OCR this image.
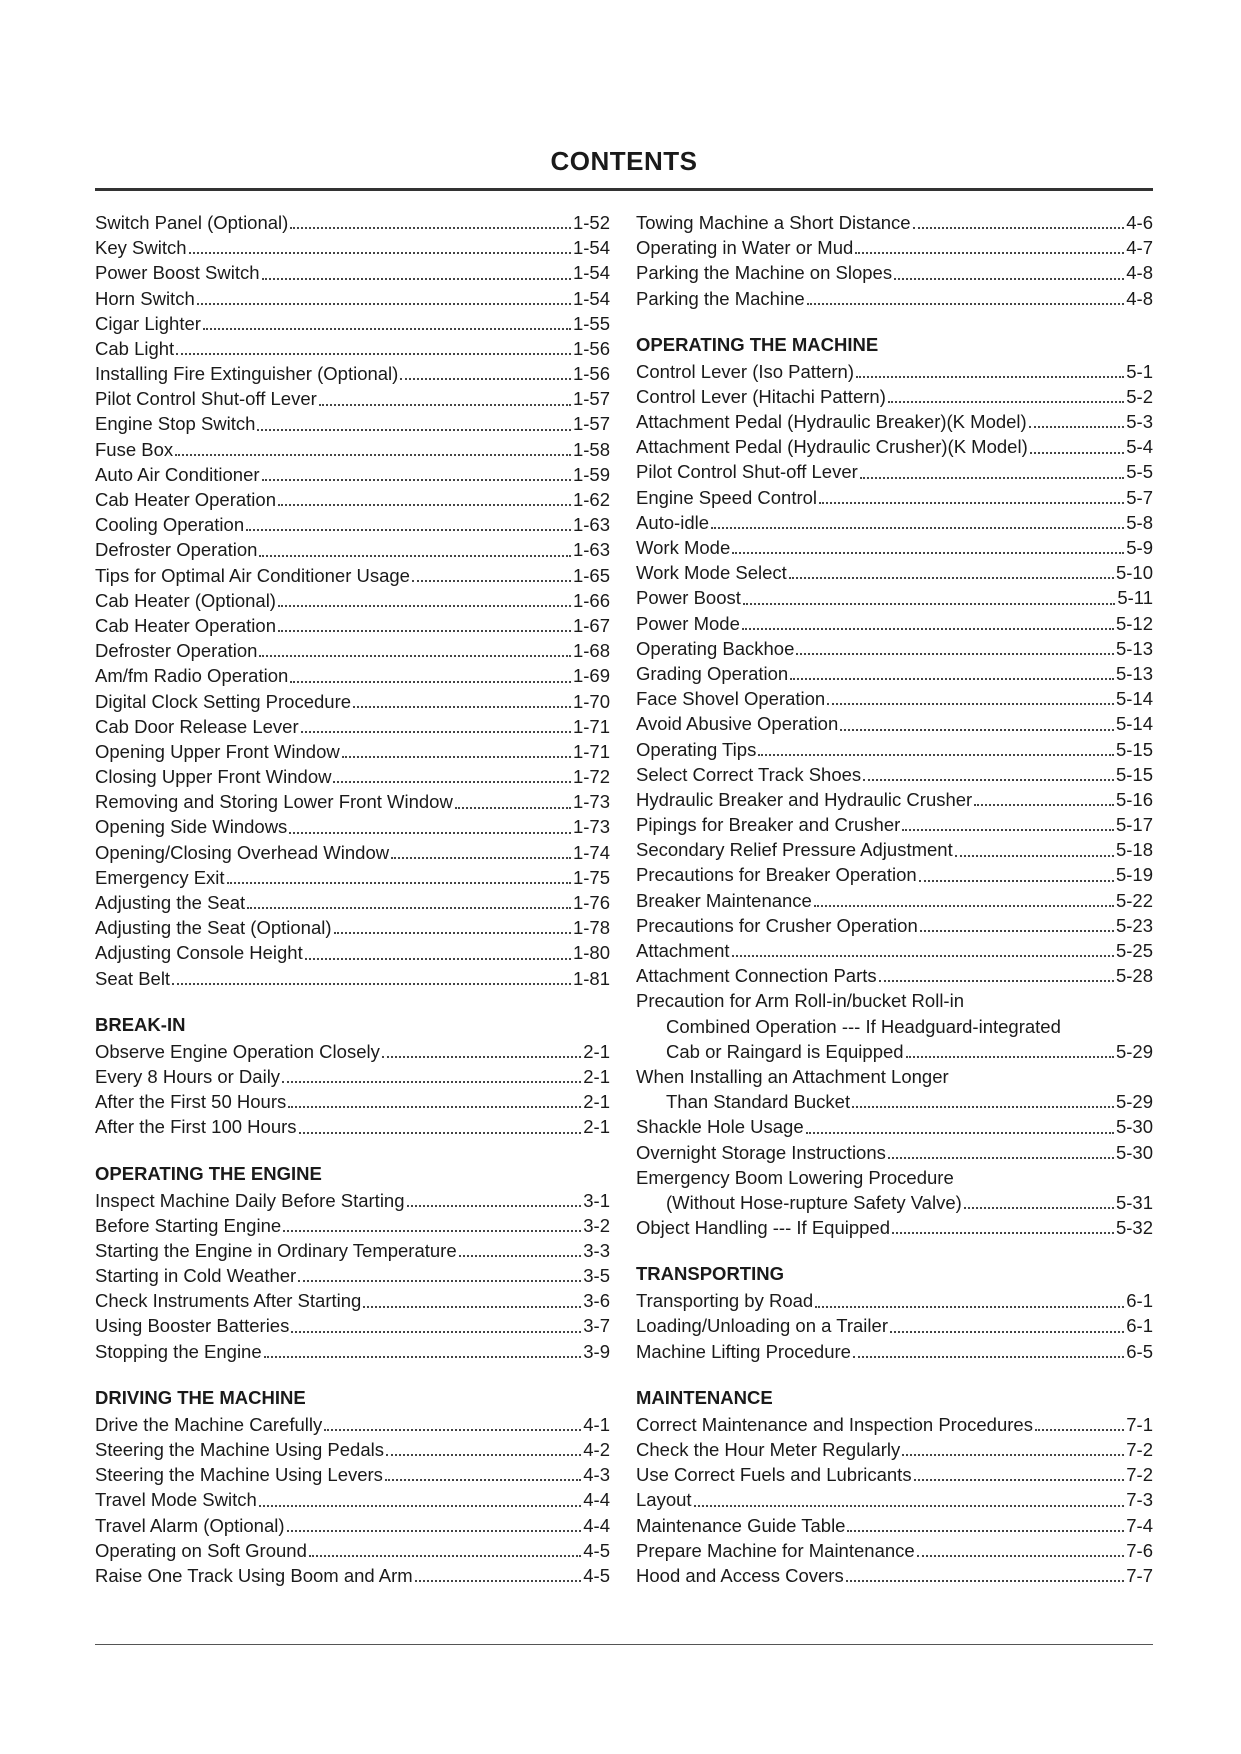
CONTENTS
Switch Panel (Optional)	1-52
Key Switch	1-54
Power Boost Switch	1-54
Horn Switch	1-54
Cigar Lighter	1-55
Cab Light	1-56
Installing Fire Extinguisher (Optional)	1-56
Pilot Control Shut-off Lever	1-57
Engine Stop Switch	1-57
Fuse Box	1-58
Auto Air Conditioner	1-59
Cab Heater Operation	1-62
Cooling Operation	1-63
Defroster Operation	1-63
Tips for Optimal Air Conditioner Usage	1-65
Cab Heater (Optional)	1-66
Cab Heater Operation	1-67
Defroster Operation	1-68
Am/fm Radio Operation	1-69
Digital Clock Setting Procedure	1-70
Cab Door Release Lever	1-71
Opening Upper Front Window	1-71
Closing Upper Front Window	1-72
Removing and Storing Lower Front Window	1-73
Opening Side Windows	1-73
Opening/Closing Overhead Window	1-74
Emergency Exit	1-75
Adjusting the Seat	1-76
Adjusting the Seat (Optional)	1-78
Adjusting Console Height	1-80
Seat Belt	1-81
BREAK-IN
Observe Engine Operation Closely	2-1
Every 8 Hours or Daily	2-1
After the First 50 Hours	2-1
After the First 100 Hours	2-1
OPERATING THE ENGINE
Inspect Machine Daily Before Starting	3-1
Before Starting Engine	3-2
Starting the Engine in Ordinary Temperature	3-3
Starting in Cold Weather	3-5
Check Instruments After Starting	3-6
Using Booster Batteries	3-7
Stopping the Engine	3-9
DRIVING THE MACHINE
Drive the Machine Carefully	4-1
Steering the Machine Using Pedals	4-2
Steering the Machine Using Levers	4-3
Travel Mode Switch	4-4
Travel Alarm (Optional)	4-4
Operating on Soft Ground	4-5
Raise One Track Using Boom and Arm	4-5
Towing Machine a Short Distance	4-6
Operating in Water or Mud	4-7
Parking the Machine on Slopes	4-8
Parking the Machine	4-8
OPERATING THE MACHINE
Control Lever (Iso Pattern)	5-1
Control Lever (Hitachi Pattern)	5-2
Attachment Pedal (Hydraulic Breaker)(K Model)	5-3
Attachment Pedal (Hydraulic Crusher)(K Model)	5-4
Pilot Control Shut-off Lever	5-5
Engine Speed Control	5-7
Auto-idle	5-8
Work Mode	5-9
Work Mode Select	5-10
Power Boost	5-11
Power Mode	5-12
Operating Backhoe	5-13
Grading Operation	5-13
Face Shovel Operation	5-14
Avoid Abusive Operation	5-14
Operating Tips	5-15
Select Correct Track Shoes	5-15
Hydraulic Breaker and Hydraulic Crusher	5-16
Pipings for Breaker and Crusher	5-17
Secondary Relief Pressure Adjustment	5-18
Precautions for Breaker Operation	5-19
Breaker Maintenance	5-22
Precautions for Crusher Operation	5-23
Attachment	5-25
Attachment Connection Parts	5-28
Precaution for Arm Roll-in/bucket Roll-in
Combined Operation --- If Headguard-integrated
Cab or Raingard is Equipped	5-29
When Installing an Attachment Longer
Than Standard Bucket	5-29
Shackle Hole Usage	5-30
Overnight Storage Instructions	5-30
Emergency Boom Lowering Procedure
(Without Hose-rupture Safety Valve)	5-31
Object Handling --- If Equipped	5-32
TRANSPORTING
Transporting by Road	6-1
Loading/Unloading on a Trailer	6-1
Machine Lifting Procedure	6-5
MAINTENANCE
Correct Maintenance and Inspection Procedures	7-1
Check the Hour Meter Regularly	7-2
Use Correct Fuels and Lubricants	7-2
Layout	7-3
Maintenance Guide Table	7-4
Prepare Machine for Maintenance	7-6
Hood and Access Covers	7-7
